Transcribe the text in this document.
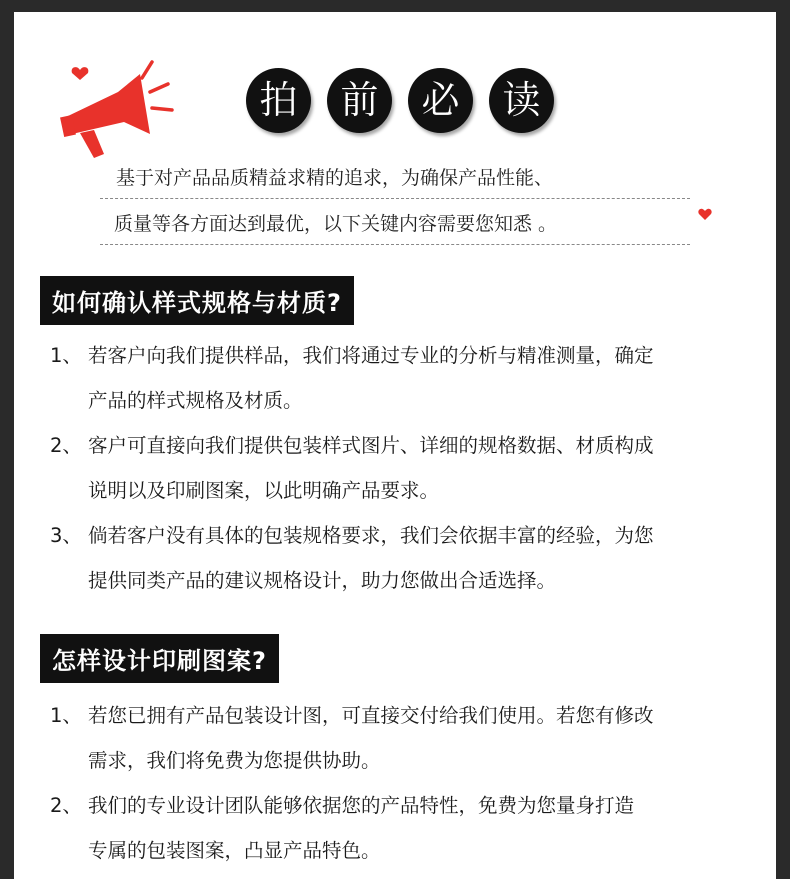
拍	前	必	读
基于对产品品质精益求精的追求，为确保产品性能、
质量等各方面达到最优，以下关键内容需要您知悉 。
如何确认样式规格与材质?
1、 若客户向我们提供样品，我们将通过专业的分析与精准测量，确定
产品的样式规格及材质。
2、 客户可直接向我们提供包装样式图片、详细的规格数据、材质构成
说明以及印刷图案，以此明确产品要求。
3、 倘若客户没有具体的包装规格要求，我们会依据丰富的经验，为您
提供同类产品的建议规格设计，助力您做出合适选择。
怎样设计印刷图案?
1、 若您已拥有产品包装设计图，可直接交付给我们使用。若您有修改
需求，我们将免费为您提供协助。
2、 我们的专业设计团队能够依据您的产品特性，免费为您量身打造
专属的包装图案，凸显产品特色。
